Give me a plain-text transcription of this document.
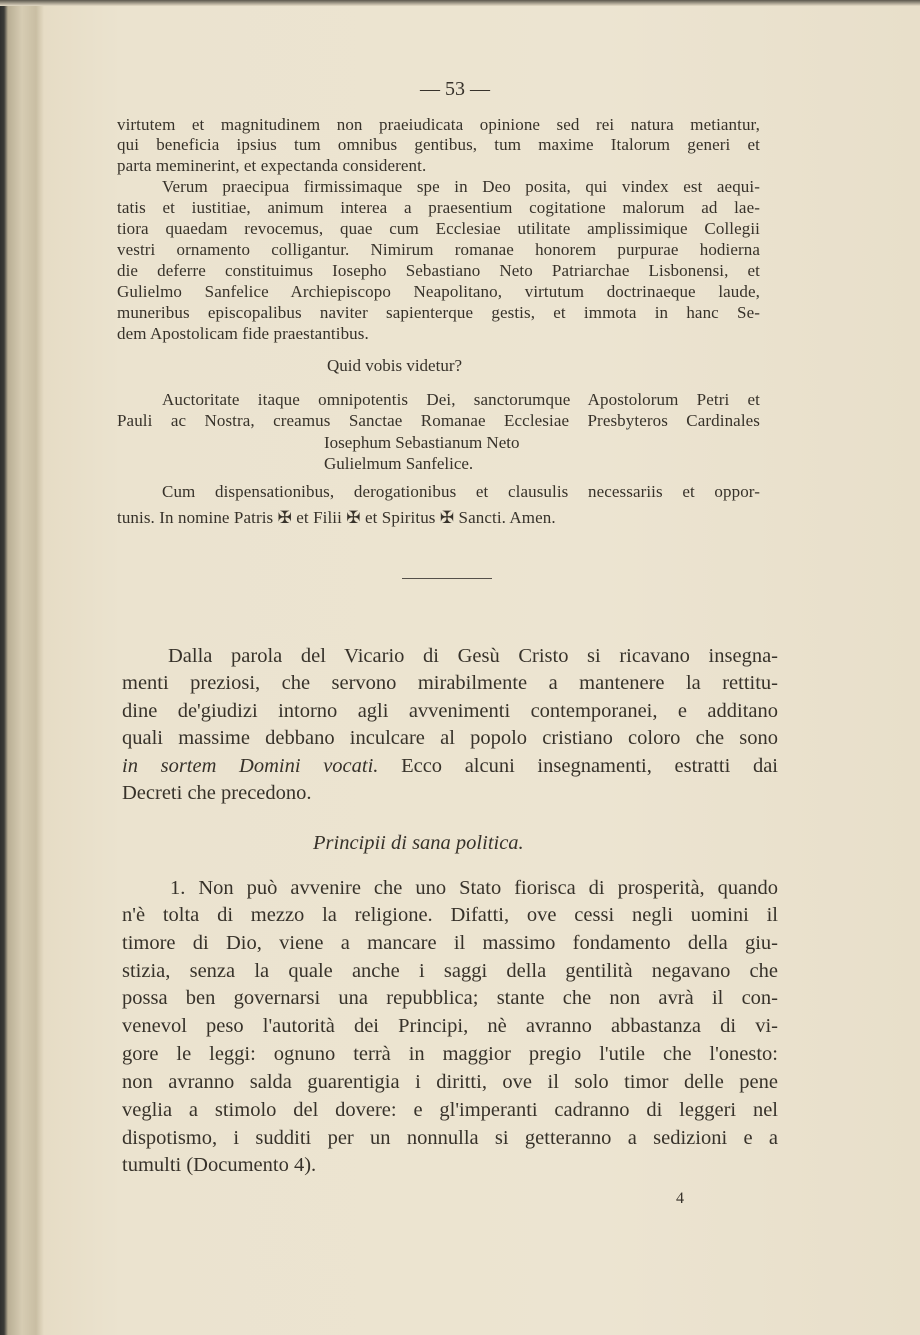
— 53 —
virtutem et magnitudinem non praeiudicata opinione sed rei natura metiantur,
qui beneficia ipsius tum omnibus gentibus, tum maxime Italorum generi et
parta meminerint, et expectanda considerent.
Verum praecipua firmissimaque spe in Deo posita, qui vindex est aequi-
tatis et iustitiae, animum interea a praesentium cogitatione malorum ad lae-
tiora quaedam revocemus, quae cum Ecclesiae utilitate amplissimique Collegii
vestri ornamento colligantur. Nimirum romanae honorem purpurae hodierna
die deferre constituimus Iosepho Sebastiano Neto Patriarchae Lisbonensi, et
Gulielmo Sanfelice Archiepiscopo Neapolitano, virtutum doctrinaeque laude,
muneribus episcopalibus naviter sapienterque gestis, et immota in hanc Se-
dem Apostolicam fide praestantibus.
Quid vobis videtur?
Auctoritate itaque omnipotentis Dei, sanctorumque Apostolorum Petri et
Pauli ac Nostra, creamus Sanctae Romanae Ecclesiae Presbyteros Cardinales
Iosephum Sebastianum Neto
Gulielmum Sanfelice.
Cum dispensationibus, derogationibus et clausulis necessariis et oppor-
tunis. In nomine Patris ✠ et Filii ✠ et Spiritus ✠ Sancti. Amen.
Dalla parola del Vicario di Gesù Cristo si ricavano insegna-
menti preziosi, che servono mirabilmente a mantenere la rettitu-
dine de'giudizi intorno agli avvenimenti contemporanei, e additano
quali massime debbano inculcare al popolo cristiano coloro che sono
in sortem Domini vocati. Ecco alcuni insegnamenti, estratti dai
Decreti che precedono.
Principii di sana politica.
1. Non può avvenire che uno Stato fiorisca di prosperità, quando
n'è tolta di mezzo la religione. Difatti, ove cessi negli uomini il
timore di Dio, viene a mancare il massimo fondamento della giu-
stizia, senza la quale anche i saggi della gentilità negavano che
possa ben governarsi una repubblica; stante che non avrà il con-
venevol peso l'autorità dei Principi, nè avranno abbastanza di vi-
gore le leggi: ognuno terrà in maggior pregio l'utile che l'onesto:
non avranno salda guarentigia i diritti, ove il solo timor delle pene
veglia a stimolo del dovere: e gl'imperanti cadranno di leggeri nel
dispotismo, i sudditi per un nonnulla si getteranno a sedizioni e a
tumulti (Documento 4).
4
